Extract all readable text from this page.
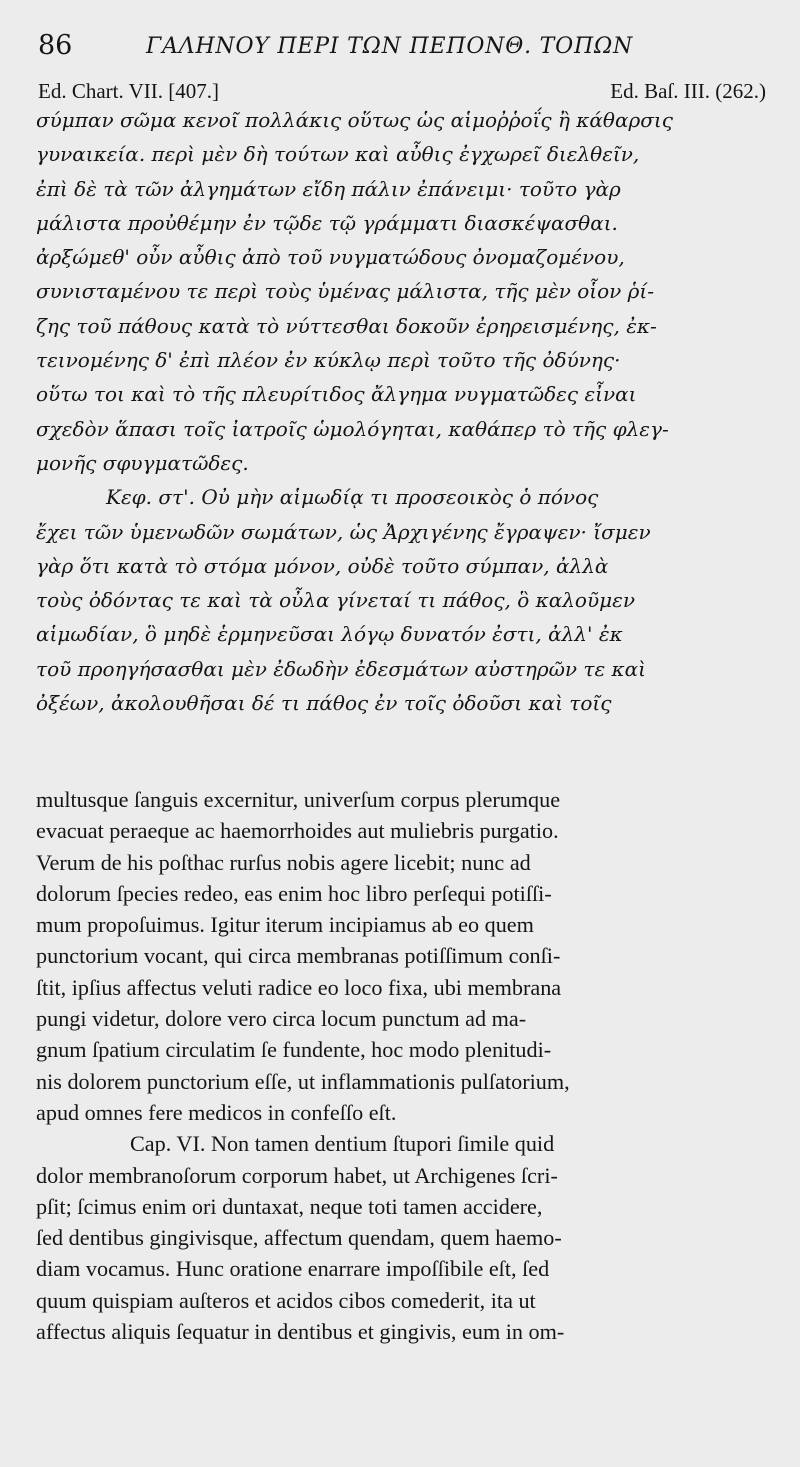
86	ΓΑΛΗΝΟΥ ΠΕΡΙ ΤΩΝ ΠΕΠΟΝΘ. ΤΟΠΩΝ
Ed. Chart. VII. [407.]	Ed. Baſ. III. (262.)
σύμπαν σῶμα κενοῖ πολλάκις οὕτως ὡς αἱμοῤῥοΐς ἢ κάθαρσις
γυναικεία. περὶ μὲν δὴ τούτων καὶ αὖθις ἐγχωρεῖ διελθεῖν,
ἐπὶ δὲ τὰ τῶν ἀλγημάτων εἴδη πάλιν ἐπάνειμι· τοῦτο γὰρ
μάλιστα προὐθέμην ἐν τῷδε τῷ γράμματι διασκέψασθαι.
ἀρξώμεθ' οὖν αὖθις ἀπὸ τοῦ νυγματώδους ὀνομαζομένου,
συνισταμένου τε περὶ τοὺς ὑμένας μάλιστα, τῆς μὲν οἷον ῥί-
ζης τοῦ πάθους κατὰ τὸ νύττεσθαι δοκοῦν ἐρηρεισμένης, ἐκ-
τεινομένης δ' ἐπὶ πλέον ἐν κύκλῳ περὶ τοῦτο τῆς ὀδύνης·
οὕτω τοι καὶ τὸ τῆς πλευρίτιδος ἄλγημα νυγματῶδες εἶναι
σχεδὸν ἅπασι τοῖς ἰατροῖς ὡμολόγηται, καθάπερ τὸ τῆς φλεγ-
μονῆς σφυγματῶδες.
Κεφ. στ'. Οὐ μὴν αἱμωδίᾳ τι προσεοικὸς ὁ πόνος
ἔχει τῶν ὑμενωδῶν σωμάτων, ὡς Ἀρχιγένης ἔγραψεν· ἴσμεν
γὰρ ὅτι κατὰ τὸ στόμα μόνον, οὐδὲ τοῦτο σύμπαν, ἀλλὰ
τοὺς ὀδόντας τε καὶ τὰ οὖλα γίνεταί τι πάθος, ὃ καλοῦμεν
αἱμωδίαν, ὃ μηδὲ ἑρμηνεῦσαι λόγῳ δυνατόν ἐστι, ἀλλ' ἐκ
τοῦ προηγήσασθαι μὲν ἐδωδὴν ἐδεσμάτων αὐστηρῶν τε καὶ
ὀξέων, ἀκολουθῆσαι δέ τι πάθος ἐν τοῖς ὀδοῦσι καὶ τοῖς
multusque ſanguis excernitur, univerſum corpus plerumque
evacuat peraeque ac haemorrhoides aut muliebris purgatio.
Verum de his poſthac rurſus nobis agere licebit; nunc ad
dolorum ſpecies redeo, eas enim hoc libro perſequi potiſſi-
mum propoſuimus. Igitur iterum incipiamus ab eo quem
punctorium vocant, qui circa membranas potiſſimum conſi-
ſtit, ipſius affectus veluti radice eo loco fixa, ubi membrana
pungi videtur, dolore vero circa locum punctum ad ma-
gnum ſpatium circulatim ſe fundente, hoc modo plenitudi-
nis dolorem punctorium eſſe, ut inflammationis pulſatorium,
apud omnes fere medicos in confeſſo eſt.
Cap. VI. Non tamen dentium ſtupori ſimile quid
dolor membranoſorum corporum habet, ut Archigenes ſcri-
pſit; ſcimus enim ori duntaxat, neque toti tamen accidere,
ſed dentibus gingivisque, affectum quendam, quem haemo-
diam vocamus. Hunc oratione enarrare impoſſibile eſt, ſed
quum quispiam auſteros et acidos cibos comederit, ita ut
affectus aliquis ſequatur in dentibus et gingivis, eum in om-
